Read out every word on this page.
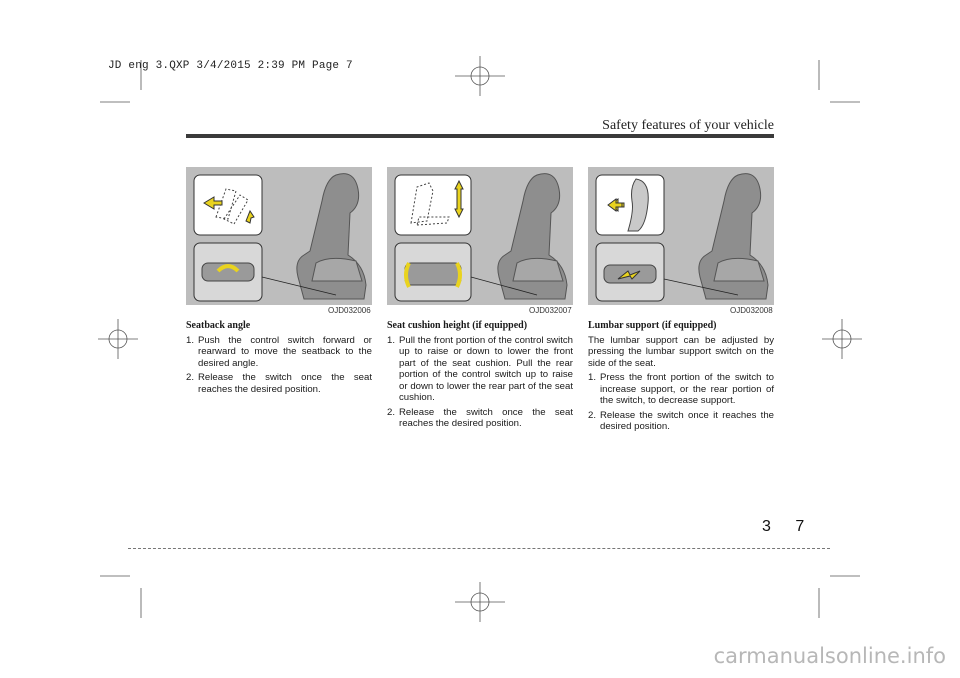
JD eng 3.QXP 3/4/2015 2:39 PM Page 7
Safety features of your vehicle
OJD032006	OJD032007	OJD032008
Seatback angle
1. Push the control switch forward or rearward to move the seatback to the desired angle.
2. Release the switch once the seat reaches the desired position.
Seat cushion height (if equipped)
1. Pull the front portion of the control switch up to raise or down to lower the front part of the seat cushion. Pull the rear portion of the control switch up to raise or down to lower the rear part of the seat cushion.
2. Release the switch once the seat reaches the desired position.
Lumbar support (if equipped)

The lumbar support can be adjusted by pressing the lumbar support switch on the side of the seat.

1. Press the front portion of the switch to increase support, or the rear portion of the switch, to decrease support.
2. Release the switch once it reaches the desired position.
3 7
carmanualsonline.info
